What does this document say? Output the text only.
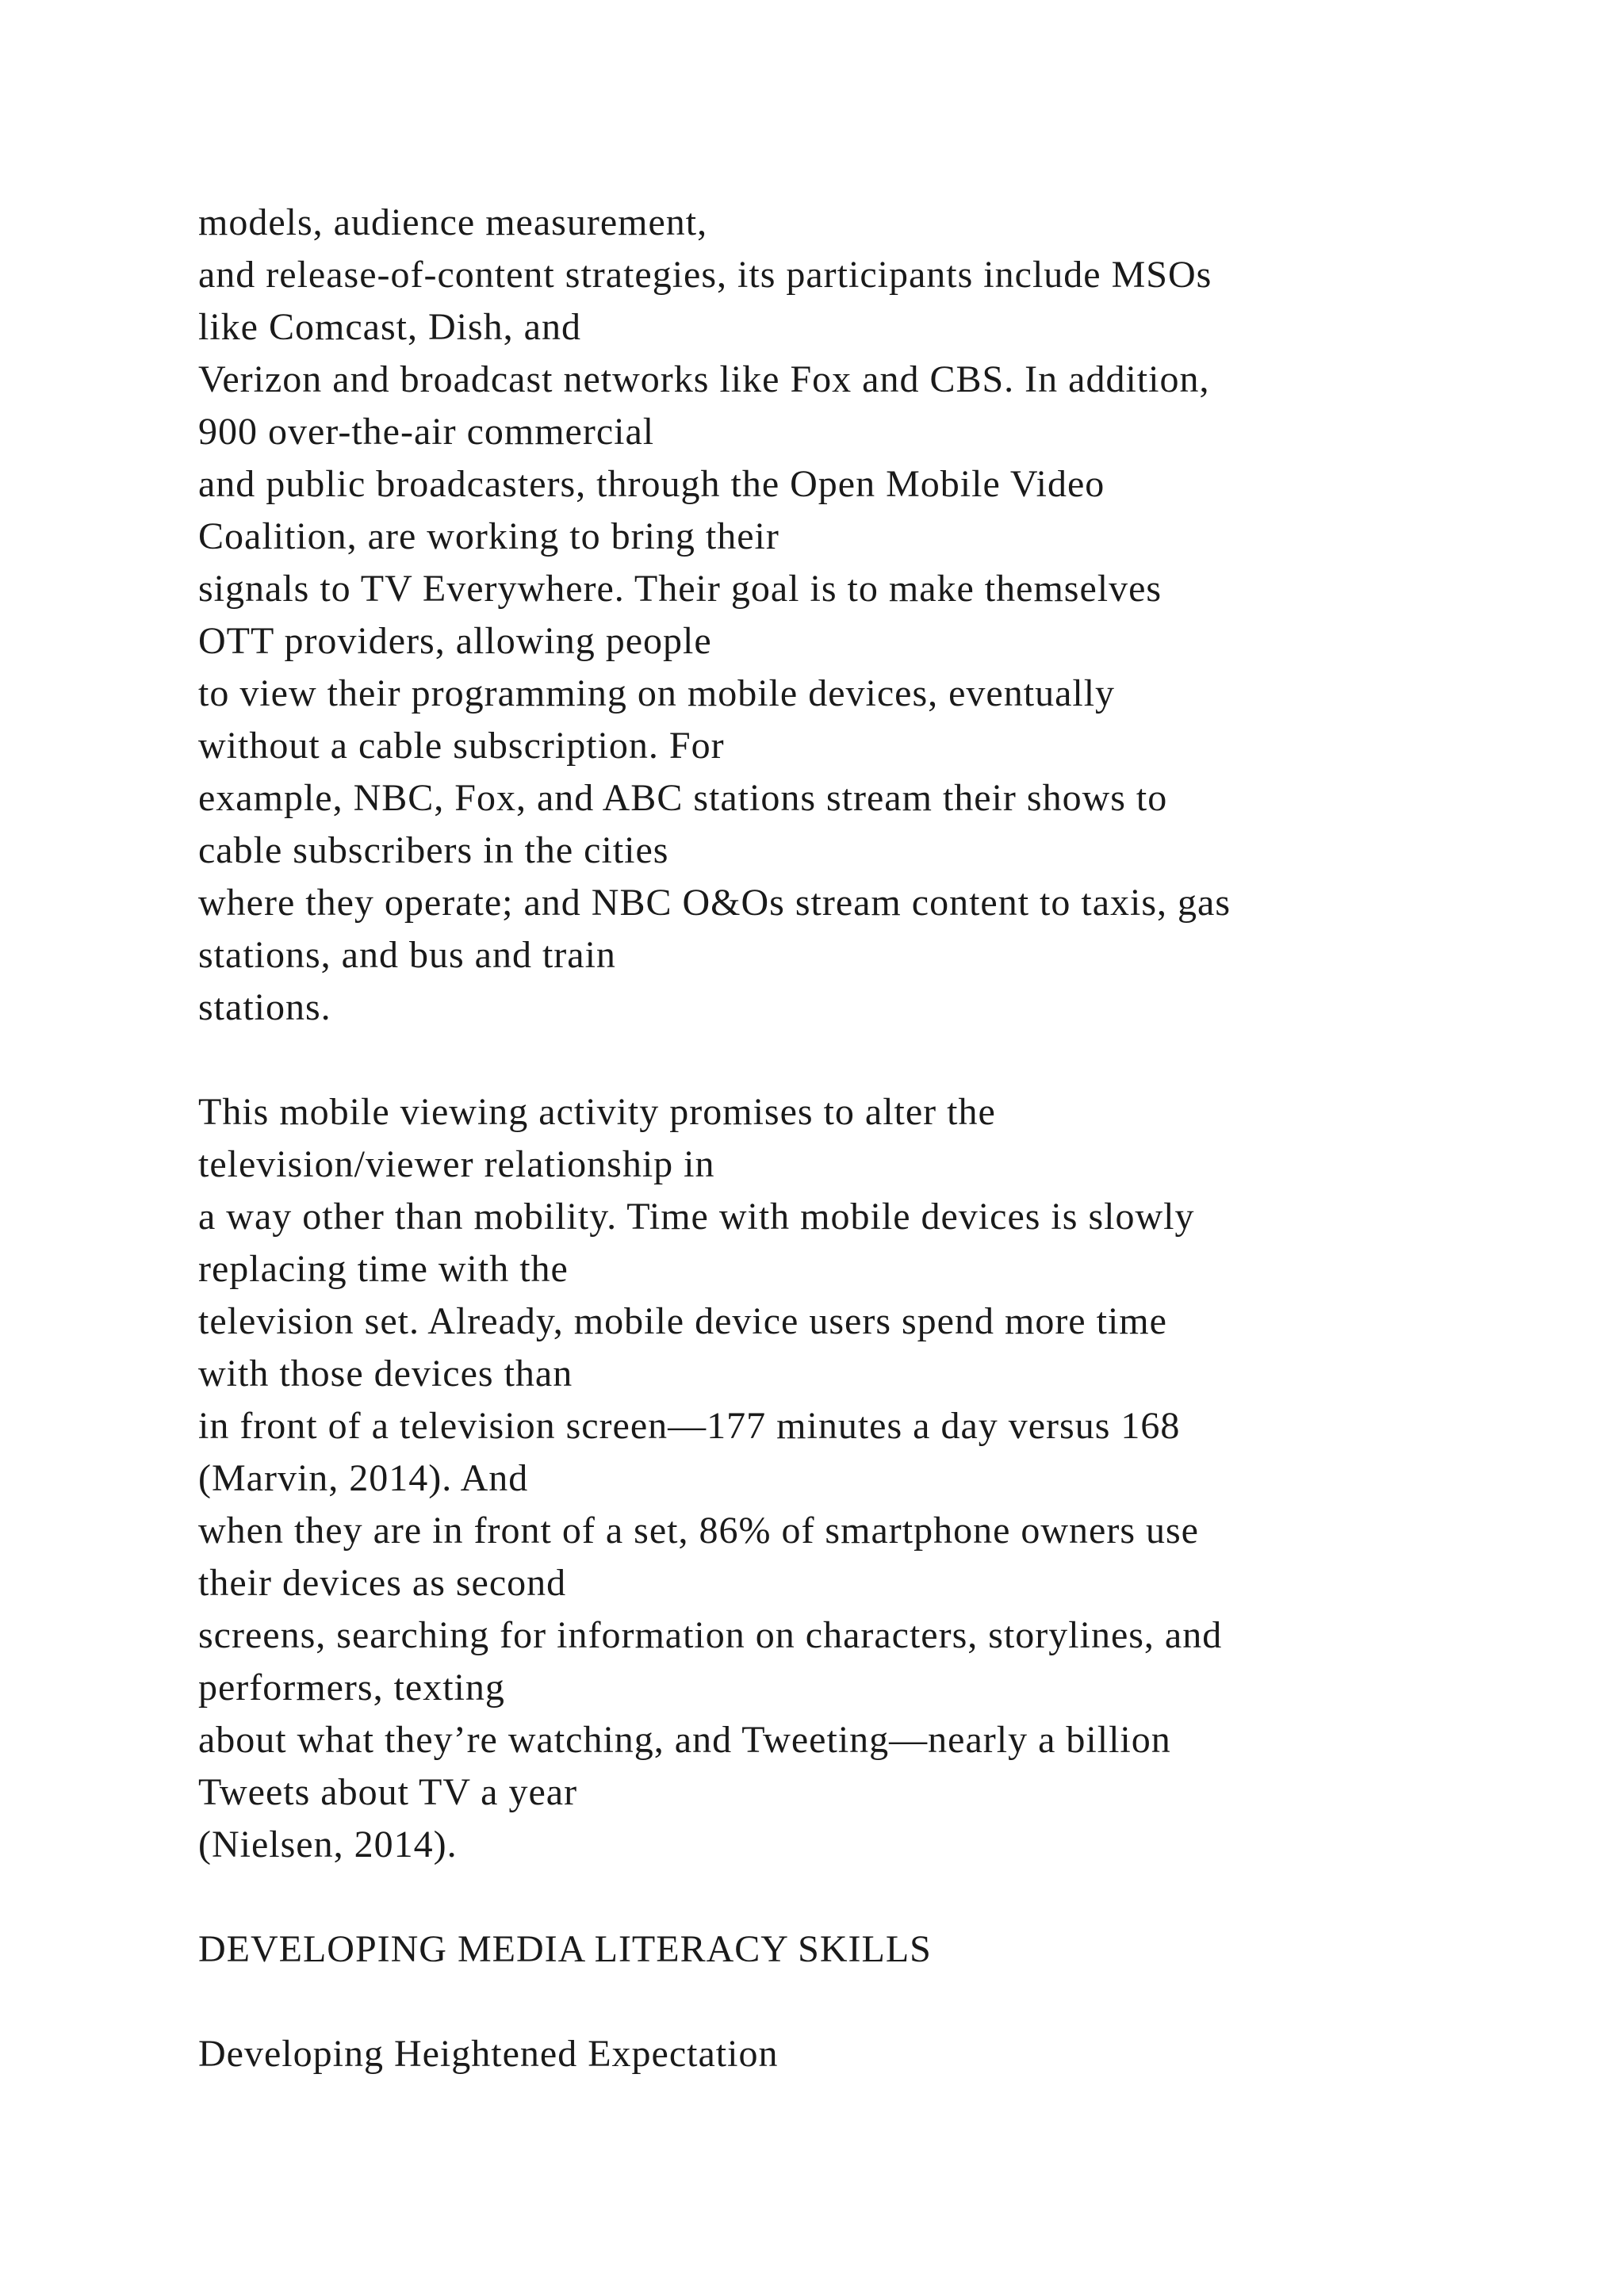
models, audience measurement,
and release-of-content strategies, its participants include MSOs
like Comcast, Dish, and
Verizon and broadcast networks like Fox and CBS. In addition,
900 over-the-air commercial
and public broadcasters, through the Open Mobile Video
Coalition, are working to bring their
signals to TV Everywhere. Their goal is to make themselves
OTT providers, allowing people
to view their programming on mobile devices, eventually
without a cable subscription. For
example, NBC, Fox, and ABC stations stream their shows to
cable subscribers in the cities
where they operate; and NBC O&Os stream content to taxis, gas
stations, and bus and train
stations.
This mobile viewing activity promises to alter the
television/viewer relationship in
a way other than mobility. Time with mobile devices is slowly
replacing time with the
television set. Already, mobile device users spend more time
with those devices than
in front of a television screen—177 minutes a day versus 168
(Marvin, 2014). And
when they are in front of a set, 86% of smartphone owners use
their devices as second
screens, searching for information on characters, storylines, and
performers, texting
about what they’re watching, and Tweeting—nearly a billion
Tweets about TV a year
(Nielsen, 2014).
DEVELOPING MEDIA LITERACY SKILLS
Developing Heightened Expectation
